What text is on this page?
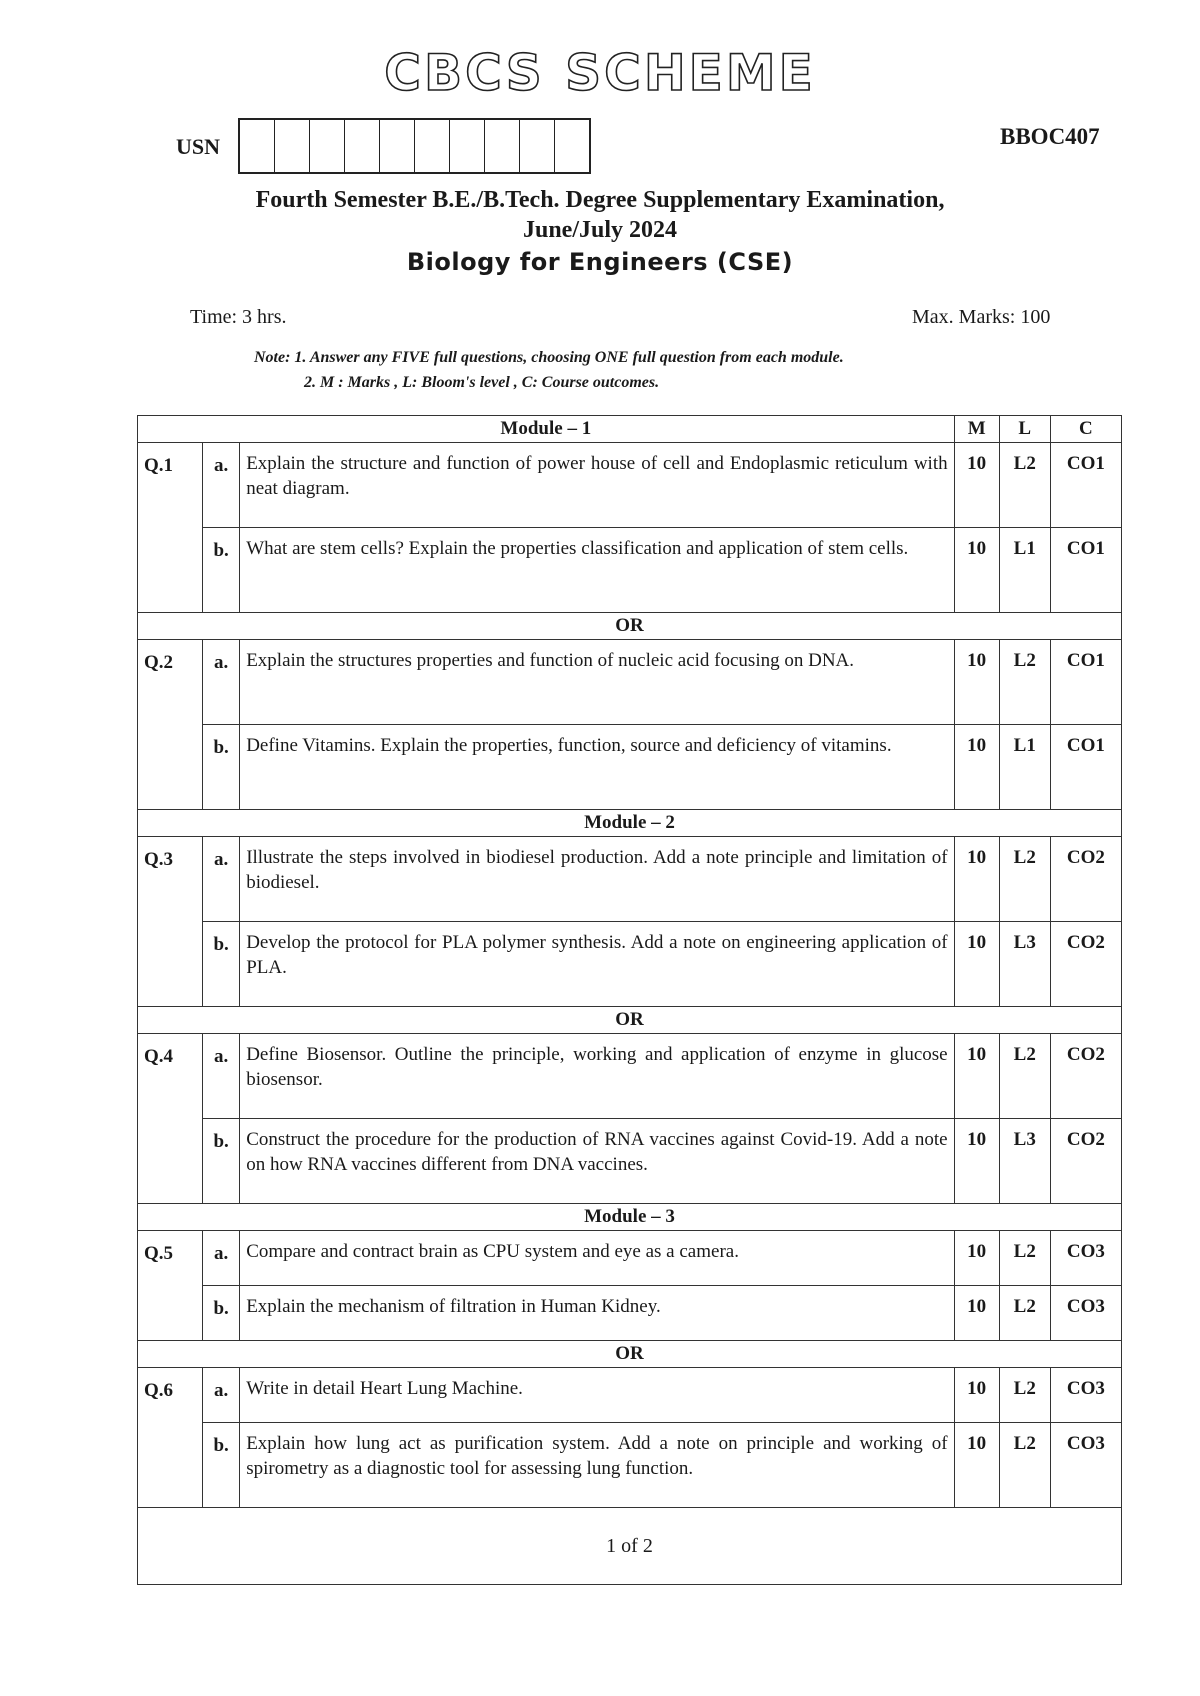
CBCS SCHEME
USN	BBOC407
Fourth Semester B.E./B.Tech. Degree Supplementary Examination,
June/July 2024
Biology for Engineers (CSE)
Time: 3 hrs.	Max. Marks: 100
Note: 1. Answer any FIVE full questions, choosing ONE full question from each module.
2. M : Marks , L: Bloom's level , C: Course outcomes.
Module – 1			M	L	C
Q.1	a.	Explain the structure and function of power house of cell and Endoplasmic reticulum with neat diagram.	10	L2	CO1
	b.	What are stem cells? Explain the properties classification and application of stem cells.	10	L1	CO1
OR					
Q.2	a.	Explain the structures properties and function of nucleic acid focusing on DNA.	10	L2	CO1
	b.	Define Vitamins. Explain the properties, function, source and deficiency of vitamins.	10	L1	CO1
Module – 2					
Q.3	a.	Illustrate the steps involved in biodiesel production. Add a note principle and limitation of biodiesel.	10	L2	CO2
	b.	Develop the protocol for PLA polymer synthesis. Add a note on engineering application of PLA.	10	L3	CO2
OR					
Q.4	a.	Define Biosensor. Outline the principle, working and application of enzyme in glucose biosensor.	10	L2	CO2
	b.	Construct the procedure for the production of RNA vaccines against Covid-19. Add a note on how RNA vaccines different from DNA vaccines.	10	L3	CO2
Module – 3					
Q.5	a.	Compare and contract brain as CPU system and eye as a camera.	10	L2	CO3
	b.	Explain the mechanism of filtration in Human Kidney.	10	L2	CO3
OR					
Q.6	a.	Write in detail Heart Lung Machine.	10	L2	CO3
	b.	Explain how lung act as purification system. Add a note on principle and working of spirometry as a diagnostic tool for assessing lung function.	10	L2	CO3
1 of 2					
